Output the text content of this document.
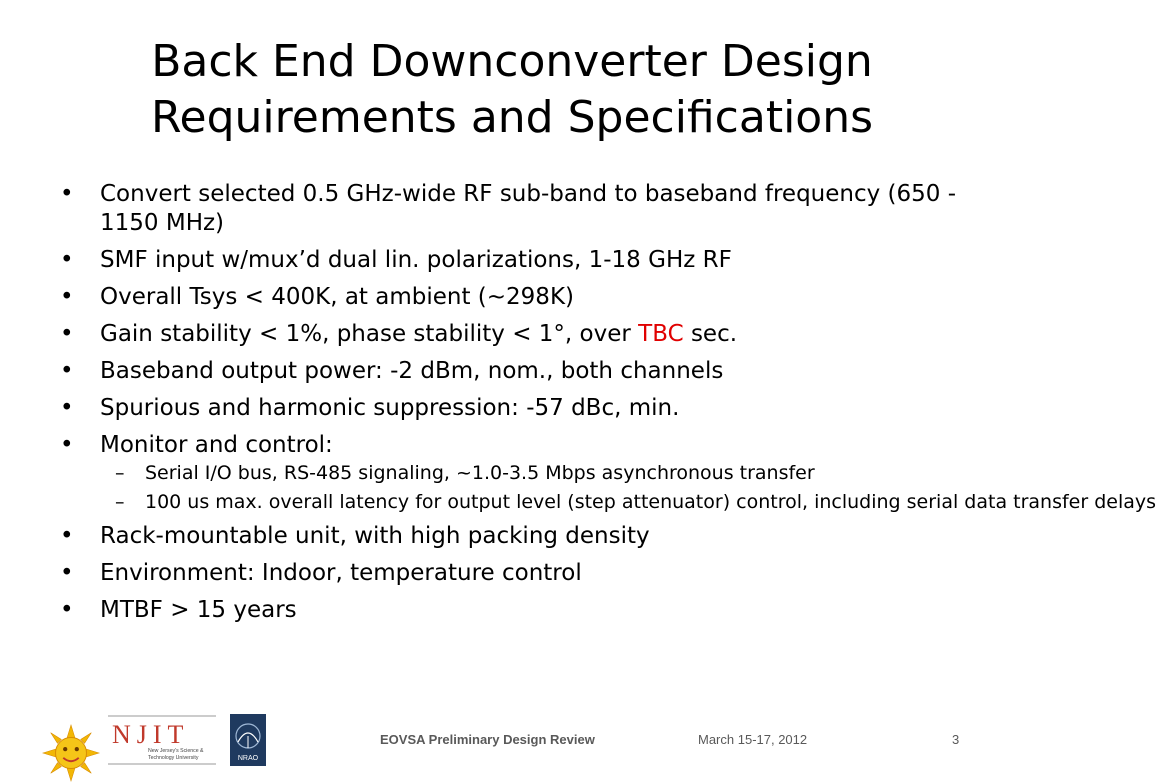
Back End Downconverter Design
Requirements and Specifications
• Convert selected 0.5 GHz-wide RF sub-band to baseband frequency (650 - 1150 MHz)
• SMF input w/mux’d dual lin. polarizations, 1-18 GHz RF
• Overall Tsys < 400K, at ambient (~298K)
• Gain stability < 1%, phase stability < 1°, over TBC sec.
• Baseband output power: -2 dBm, nom., both channels
• Spurious and harmonic suppression: -57 dBc, min.
• Monitor and control:
– Serial I/O bus, RS-485 signaling, ~1.0-3.5 Mbps asynchronous transfer
– 100 us max. overall latency for output level (step attenuator) control, including serial data transfer delays
• Rack-mountable unit, with high packing density
• Environment: Indoor, temperature control
• MTBF > 15 years
NJIT
New Jersey's Science &
Technology University	NRAO
EOVSA Preliminary Design Review	March 15-17, 2012	3
